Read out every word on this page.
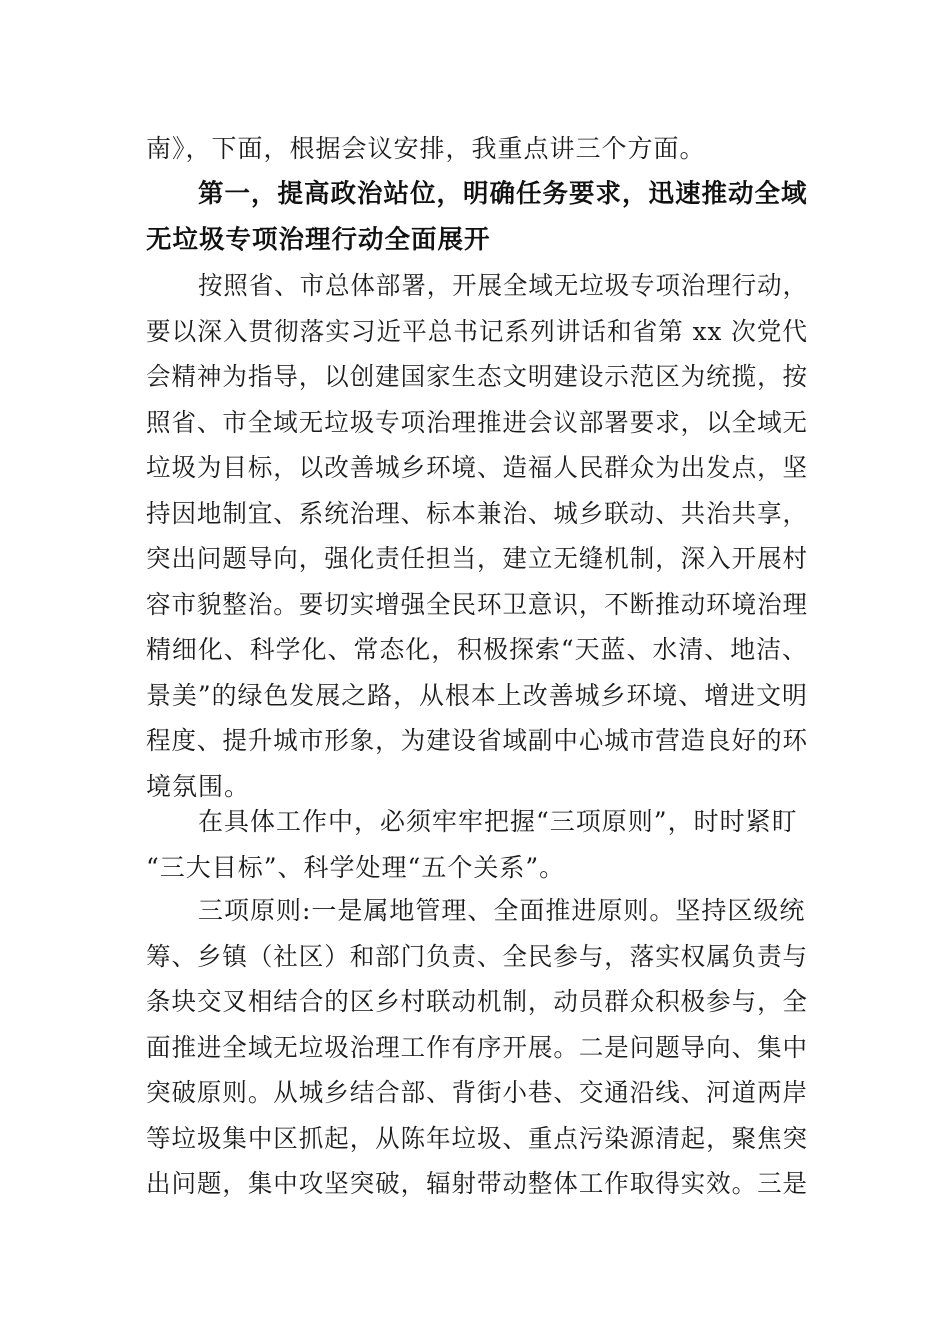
南》，下面，根据会议安排，我重点讲三个方面。
第一，提高政治站位，明确任务要求，迅速推动全域
无垃圾专项治理行动全面展开
按照省、市总体部署，开展全域无垃圾专项治理行动，
要以深入贯彻落实习近平总书记系列讲话和省第 xx 次党代
会精神为指导，以创建国家生态文明建设示范区为统揽，按
照省、市全域无垃圾专项治理推进会议部署要求，以全域无
垃圾为目标，以改善城乡环境、造福人民群众为出发点，坚
持因地制宜、系统治理、标本兼治、城乡联动、共治共享，
突出问题导向，强化责任担当，建立无缝机制，深入开展村
容市貌整治。要切实增强全民环卫意识，不断推动环境治理
精细化、科学化、常态化，积极探索“天蓝、水清、地洁、
景美”的绿色发展之路，从根本上改善城乡环境、增进文明
程度、提升城市形象，为建设省域副中心城市营造良好的环
境氛围。
在具体工作中，必须牢牢把握“三项原则”，时时紧盯
“三大目标”、科学处理“五个关系”。
三项原则:一是属地管理、全面推进原则。坚持区级统
筹、乡镇（社区）和部门负责、全民参与，落实权属负责与
条块交叉相结合的区乡村联动机制，动员群众积极参与，全
面推进全域无垃圾治理工作有序开展。二是问题导向、集中
突破原则。从城乡结合部、背街小巷、交通沿线、河道两岸
等垃圾集中区抓起，从陈年垃圾、重点污染源清起，聚焦突
出问题，集中攻坚突破，辐射带动整体工作取得实效。三是
